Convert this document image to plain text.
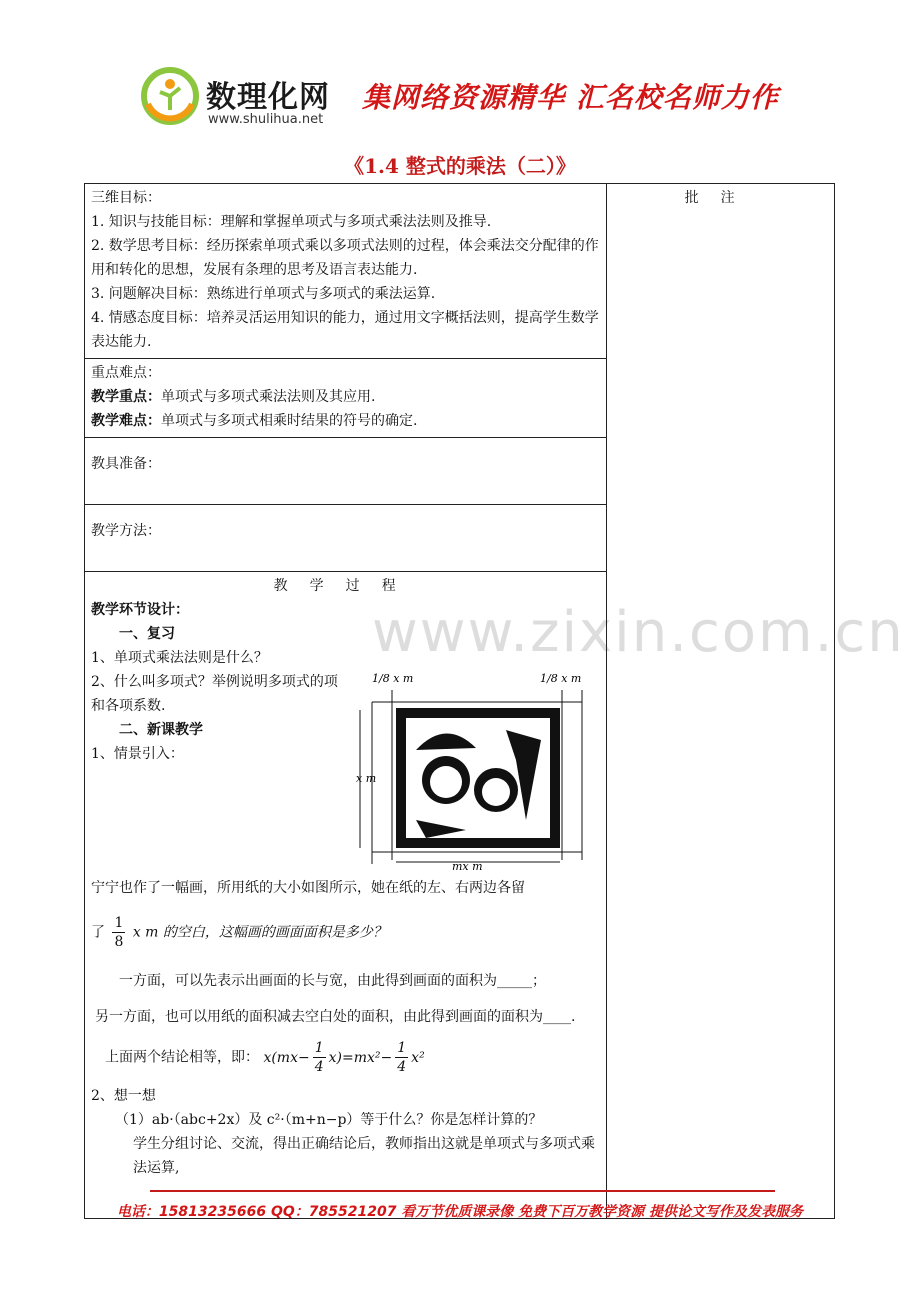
数理化网
www.shulihua.net
集网络资源精华 汇名校名师力作
《1.4 整式的乘法（二）》
www.zixin.com.cn
三维目标：
1. 知识与技能目标：理解和掌握单项式与多项式乘法法则及推导.
2. 数学思考目标：经历探索单项式乘以多项式法则的过程，体会乘法交分配律的作用和转化的思想，发展有条理的思考及语言表达能力.
3. 问题解决目标：熟练进行单项式与多项式的乘法运算.
4. 情感态度目标：培养灵活运用知识的能力，通过用文字概括法则，提高学生数学表达能力.

批注

重点难点：
教学重点：单项式与多项式乘法法则及其应用.
教学难点：单项式与多项式相乘时结果的符号的确定.

教具准备：

教学方法：

教学过程
教学环节设计：
一、复习
1、单项式乘法法则是什么？
2、什么叫多项式？举例说明多项式的项和各项系数.
二、新课教学
1、情景引入：
x m
mx m
1/8 x m	1/8 x m
宁宁也作了一幅画，所用纸的大小如图所示，她在纸的左、右两边各留
了 $\frac{1}{8}$ x m 的空白，这幅画的画面面积是多少？
一方面，可以先表示出画面的长与宽，由此得到画面的面积为_____；
另一方面，也可以用纸的面积减去空白处的面积，由此得到画面的面积为____.
上面两个结论相等，即： $x(mx- \frac{1}{4} x)=mx^2- \frac{1}{4} x^2$
2、想一想
（1）ab·（abc+2x）及 c²·（m+n−p）等于什么？你是怎样计算的？
学生分组讨论、交流，得出正确结论后，教师指出这就是单项式与多项式乘法运算,
电话：15813235666 QQ：785521207 看万节优质课录像 免费下百万教学资源 提供论文写作及发表服务
